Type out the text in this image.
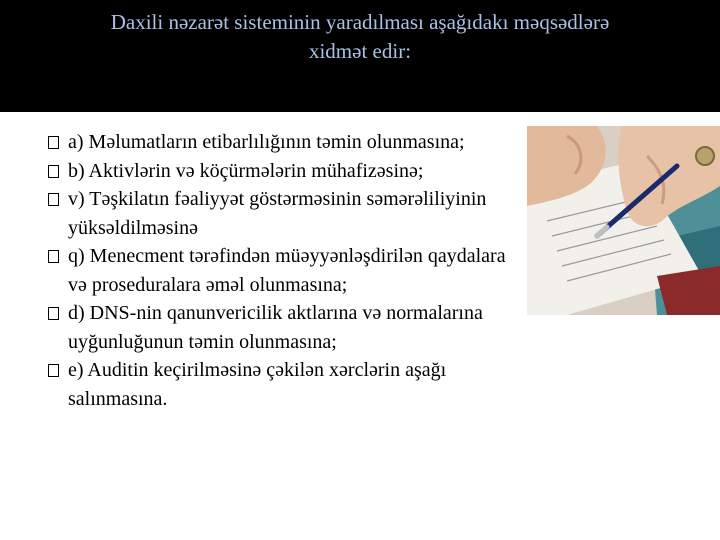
Daxili nəzarət sisteminin yaradılması aşağıdakı məqsədlərə
xidmət edir:
a) Məlumatların etibarlılığının təmin olunmasına;
b) Aktivlərin və köçürmələrin mühafizəsinə;
v) Təşkilatın fəaliyyət göstərməsinin səmərəliliyinin yüksəldilməsinə
q) Menecment tərəfindən müəyyənləşdirilən qaydalara və proseduralara əməl olunmasına;
d) DNS-nin qanunvericilik aktlarına və normalarına uyğunluğunun təmin olunmasına;
e) Auditin keçirilməsinə çəkilən xərclərin aşağı salınmasına.
